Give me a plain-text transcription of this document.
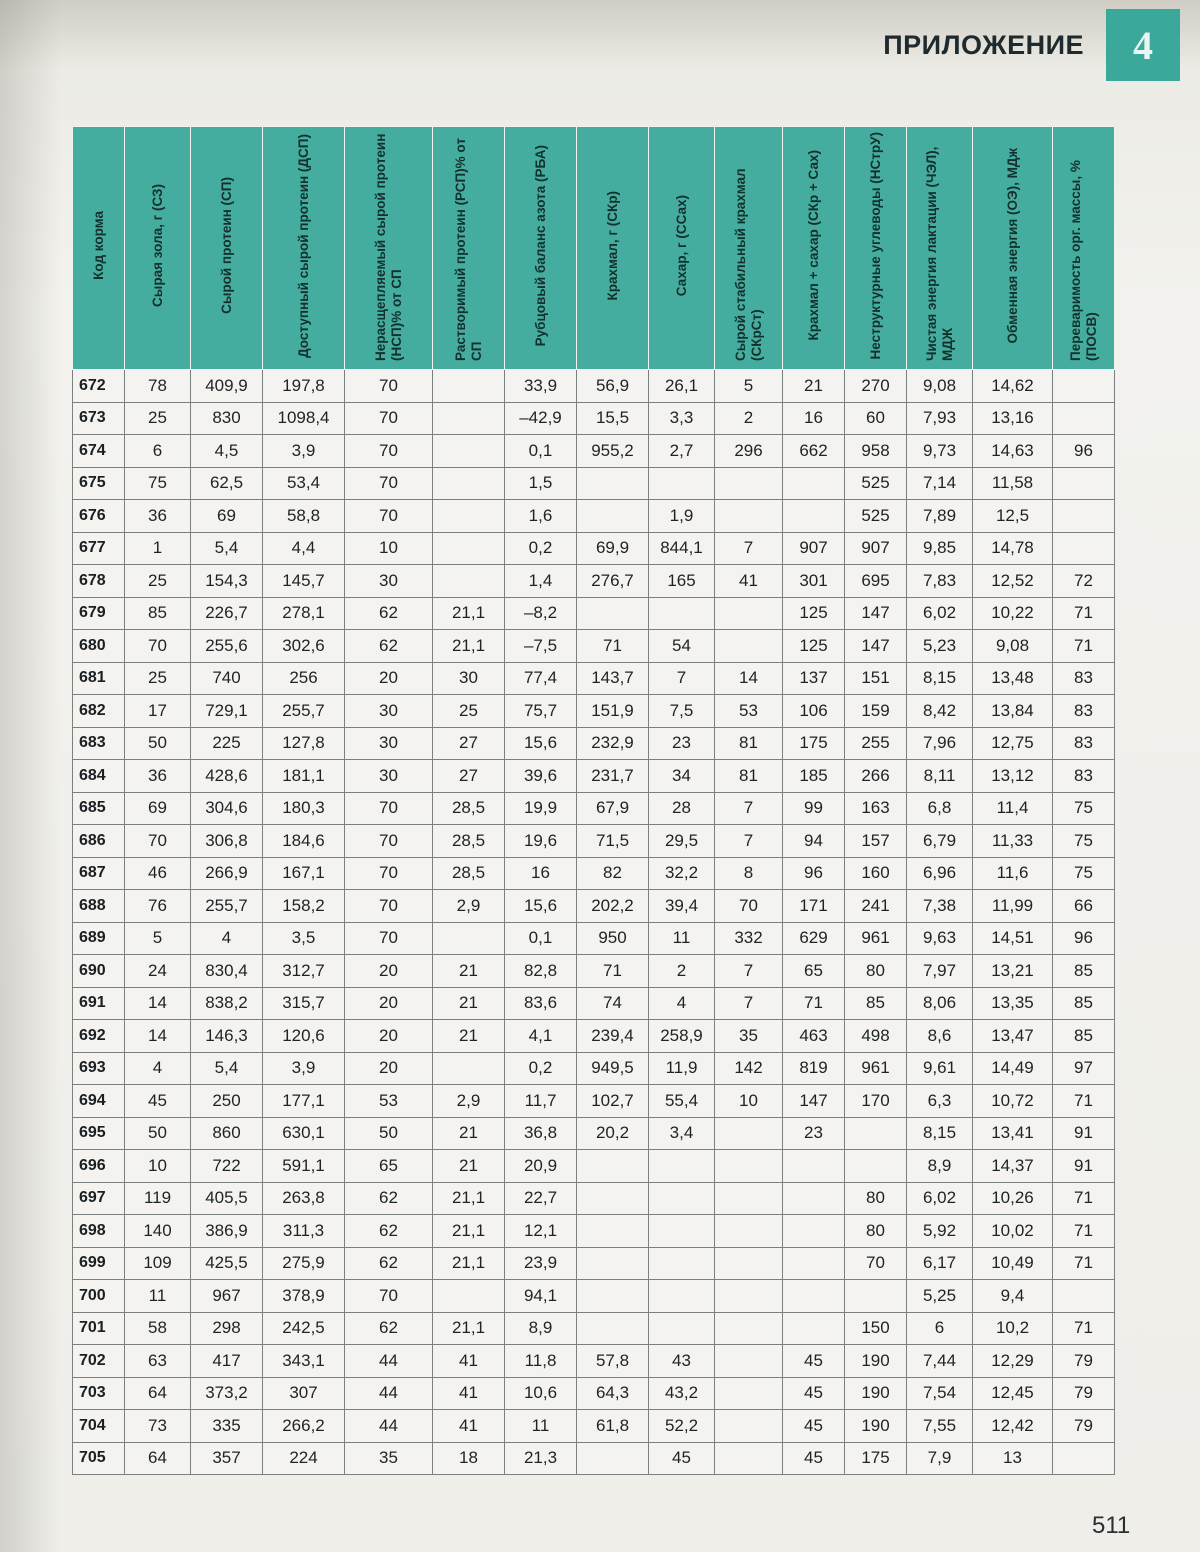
ПРИЛОЖЕНИЕ	4
Код корма	Сырая зола, г (СЗ)	Сырой протеин (СП)	Доступный сырой протеин (ДСП)	Нерасщепляемый сырой протеин (НСП)% от СП	Растворимый протеин (РСП)% от СП	Рубцовый баланс азота (РБА)	Крахмал, г (СКр)	Сахар, г (ССах)	Сырой стабильный крахмал (СКрСт)	Крахмал + сахар (СКр + Сах)	Неструктурные углеводы (НСтрУ)	Чистая энергия лактации (ЧЭЛ), МДЖ	Обменная энергия (ОЭ), МДж	Переваримость орг. массы, % (ПОСВ)
672	78	409,9	197,8	70		33,9	56,9	26,1	5	21	270	9,08	14,62	
673	25	830	1098,4	70		–42,9	15,5	3,3	2	16	60	7,93	13,16	
674	6	4,5	3,9	70		0,1	955,2	2,7	296	662	958	9,73	14,63	96
675	75	62,5	53,4	70		1,5					525	7,14	11,58	
676	36	69	58,8	70		1,6		1,9			525	7,89	12,5	
677	1	5,4	4,4	10		0,2	69,9	844,1	7	907	907	9,85	14,78	
678	25	154,3	145,7	30		1,4	276,7	165	41	301	695	7,83	12,52	72
679	85	226,7	278,1	62	21,1	–8,2				125	147	6,02	10,22	71
680	70	255,6	302,6	62	21,1	–7,5	71	54		125	147	5,23	9,08	71
681	25	740	256	20	30	77,4	143,7	7	14	137	151	8,15	13,48	83
682	17	729,1	255,7	30	25	75,7	151,9	7,5	53	106	159	8,42	13,84	83
683	50	225	127,8	30	27	15,6	232,9	23	81	175	255	7,96	12,75	83
684	36	428,6	181,1	30	27	39,6	231,7	34	81	185	266	8,11	13,12	83
685	69	304,6	180,3	70	28,5	19,9	67,9	28	7	99	163	6,8	11,4	75
686	70	306,8	184,6	70	28,5	19,6	71,5	29,5	7	94	157	6,79	11,33	75
687	46	266,9	167,1	70	28,5	16	82	32,2	8	96	160	6,96	11,6	75
688	76	255,7	158,2	70	2,9	15,6	202,2	39,4	70	171	241	7,38	11,99	66
689	5	4	3,5	70		0,1	950	11	332	629	961	9,63	14,51	96
690	24	830,4	312,7	20	21	82,8	71	2	7	65	80	7,97	13,21	85
691	14	838,2	315,7	20	21	83,6	74	4	7	71	85	8,06	13,35	85
692	14	146,3	120,6	20	21	4,1	239,4	258,9	35	463	498	8,6	13,47	85
693	4	5,4	3,9	20		0,2	949,5	11,9	142	819	961	9,61	14,49	97
694	45	250	177,1	53	2,9	11,7	102,7	55,4	10	147	170	6,3	10,72	71
695	50	860	630,1	50	21	36,8	20,2	3,4		23		8,15	13,41	91
696	10	722	591,1	65	21	20,9						8,9	14,37	91
697	119	405,5	263,8	62	21,1	22,7					80	6,02	10,26	71
698	140	386,9	311,3	62	21,1	12,1					80	5,92	10,02	71
699	109	425,5	275,9	62	21,1	23,9					70	6,17	10,49	71
700	11	967	378,9	70		94,1						5,25	9,4	
701	58	298	242,5	62	21,1	8,9					150	6	10,2	71
702	63	417	343,1	44	41	11,8	57,8	43		45	190	7,44	12,29	79
703	64	373,2	307	44	41	10,6	64,3	43,2		45	190	7,54	12,45	79
704	73	335	266,2	44	41	11	61,8	52,2		45	190	7,55	12,42	79
705	64	357	224	35	18	21,3		45		45	175	7,9	13	
511
